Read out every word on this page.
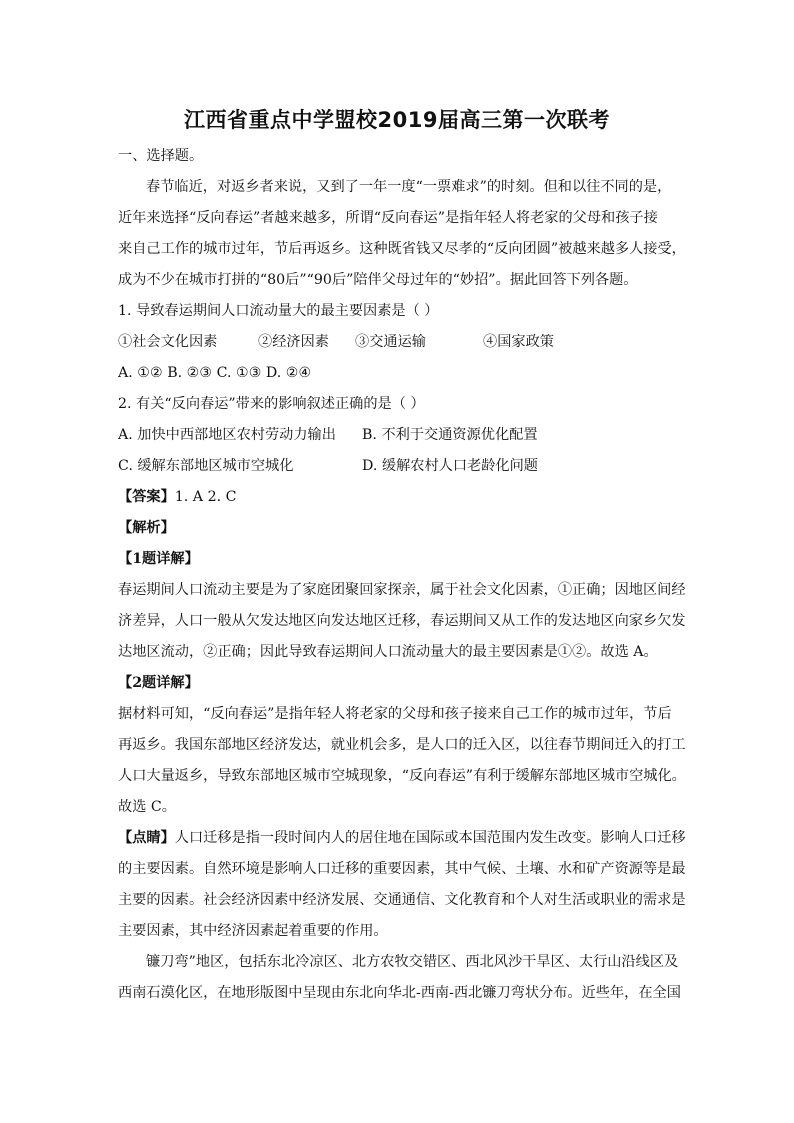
江西省重点中学盟校2019届高三第一次联考
一、选择题。
春节临近，对返乡者来说，又到了一年一度“一票难求”的时刻。但和以往不同的是，
近年来选择“反向春运”者越来越多，所谓“反向春运”是指年轻人将老家的父母和孩子接
来自己工作的城市过年，节后再返乡。这种既省钱又尽孝的“反向团圆”被越来越多人接受，
成为不少在城市打拼的“80后”“90后”陪伴父母过年的“妙招”。据此回答下列各题。
1. 导致春运期间人口流动量大的最主要因素是（ ）
①社会文化因素	②经济因素 ③交通运输	④国家政策
A. ①② B. ②③ C. ①③ D. ②④
2. 有关“反向春运”带来的影响叙述正确的是（ ）
A. 加快中西部地区农村劳动力输出 B. 不利于交通资源优化配置
C. 缓解东部地区城市空城化	D. 缓解农村人口老龄化问题
【答案】1. A 2. C
【解析】
【1题详解】
春运期间人口流动主要是为了家庭团聚回家探亲，属于社会文化因素，①正确；因地区间经
济差异，人口一般从欠发达地区向发达地区迁移，春运期间又从工作的发达地区向家乡欠发
达地区流动，②正确；因此导致春运期间人口流动量大的最主要因素是①②。故选 A。
【2题详解】
据材料可知，“反向春运”是指年轻人将老家的父母和孩子接来自己工作的城市过年，节后
再返乡。我国东部地区经济发达，就业机会多，是人口的迁入区，以往春节期间迁入的打工
人口大量返乡，导致东部地区城市空城现象，“反向春运”有利于缓解东部地区城市空城化。
故选 C。
【点睛】人口迁移是指一段时间内人的居住地在国际或本国范围内发生改变。影响人口迁移
的主要因素。自然环境是影响人口迁移的重要因素，其中气候、土壤、水和矿产资源等是最
主要的因素。社会经济因素中经济发展、交通通信、文化教育和个人对生活或职业的需求是
主要因素，其中经济因素起着重要的作用。
镰刀弯”地区，包括东北冷凉区、北方农牧交错区、西北风沙干旱区、太行山沿线区及
西南石漠化区，在地形版图中呈现由东北向华北-西南-西北镰刀弯状分布。近些年，在全国
